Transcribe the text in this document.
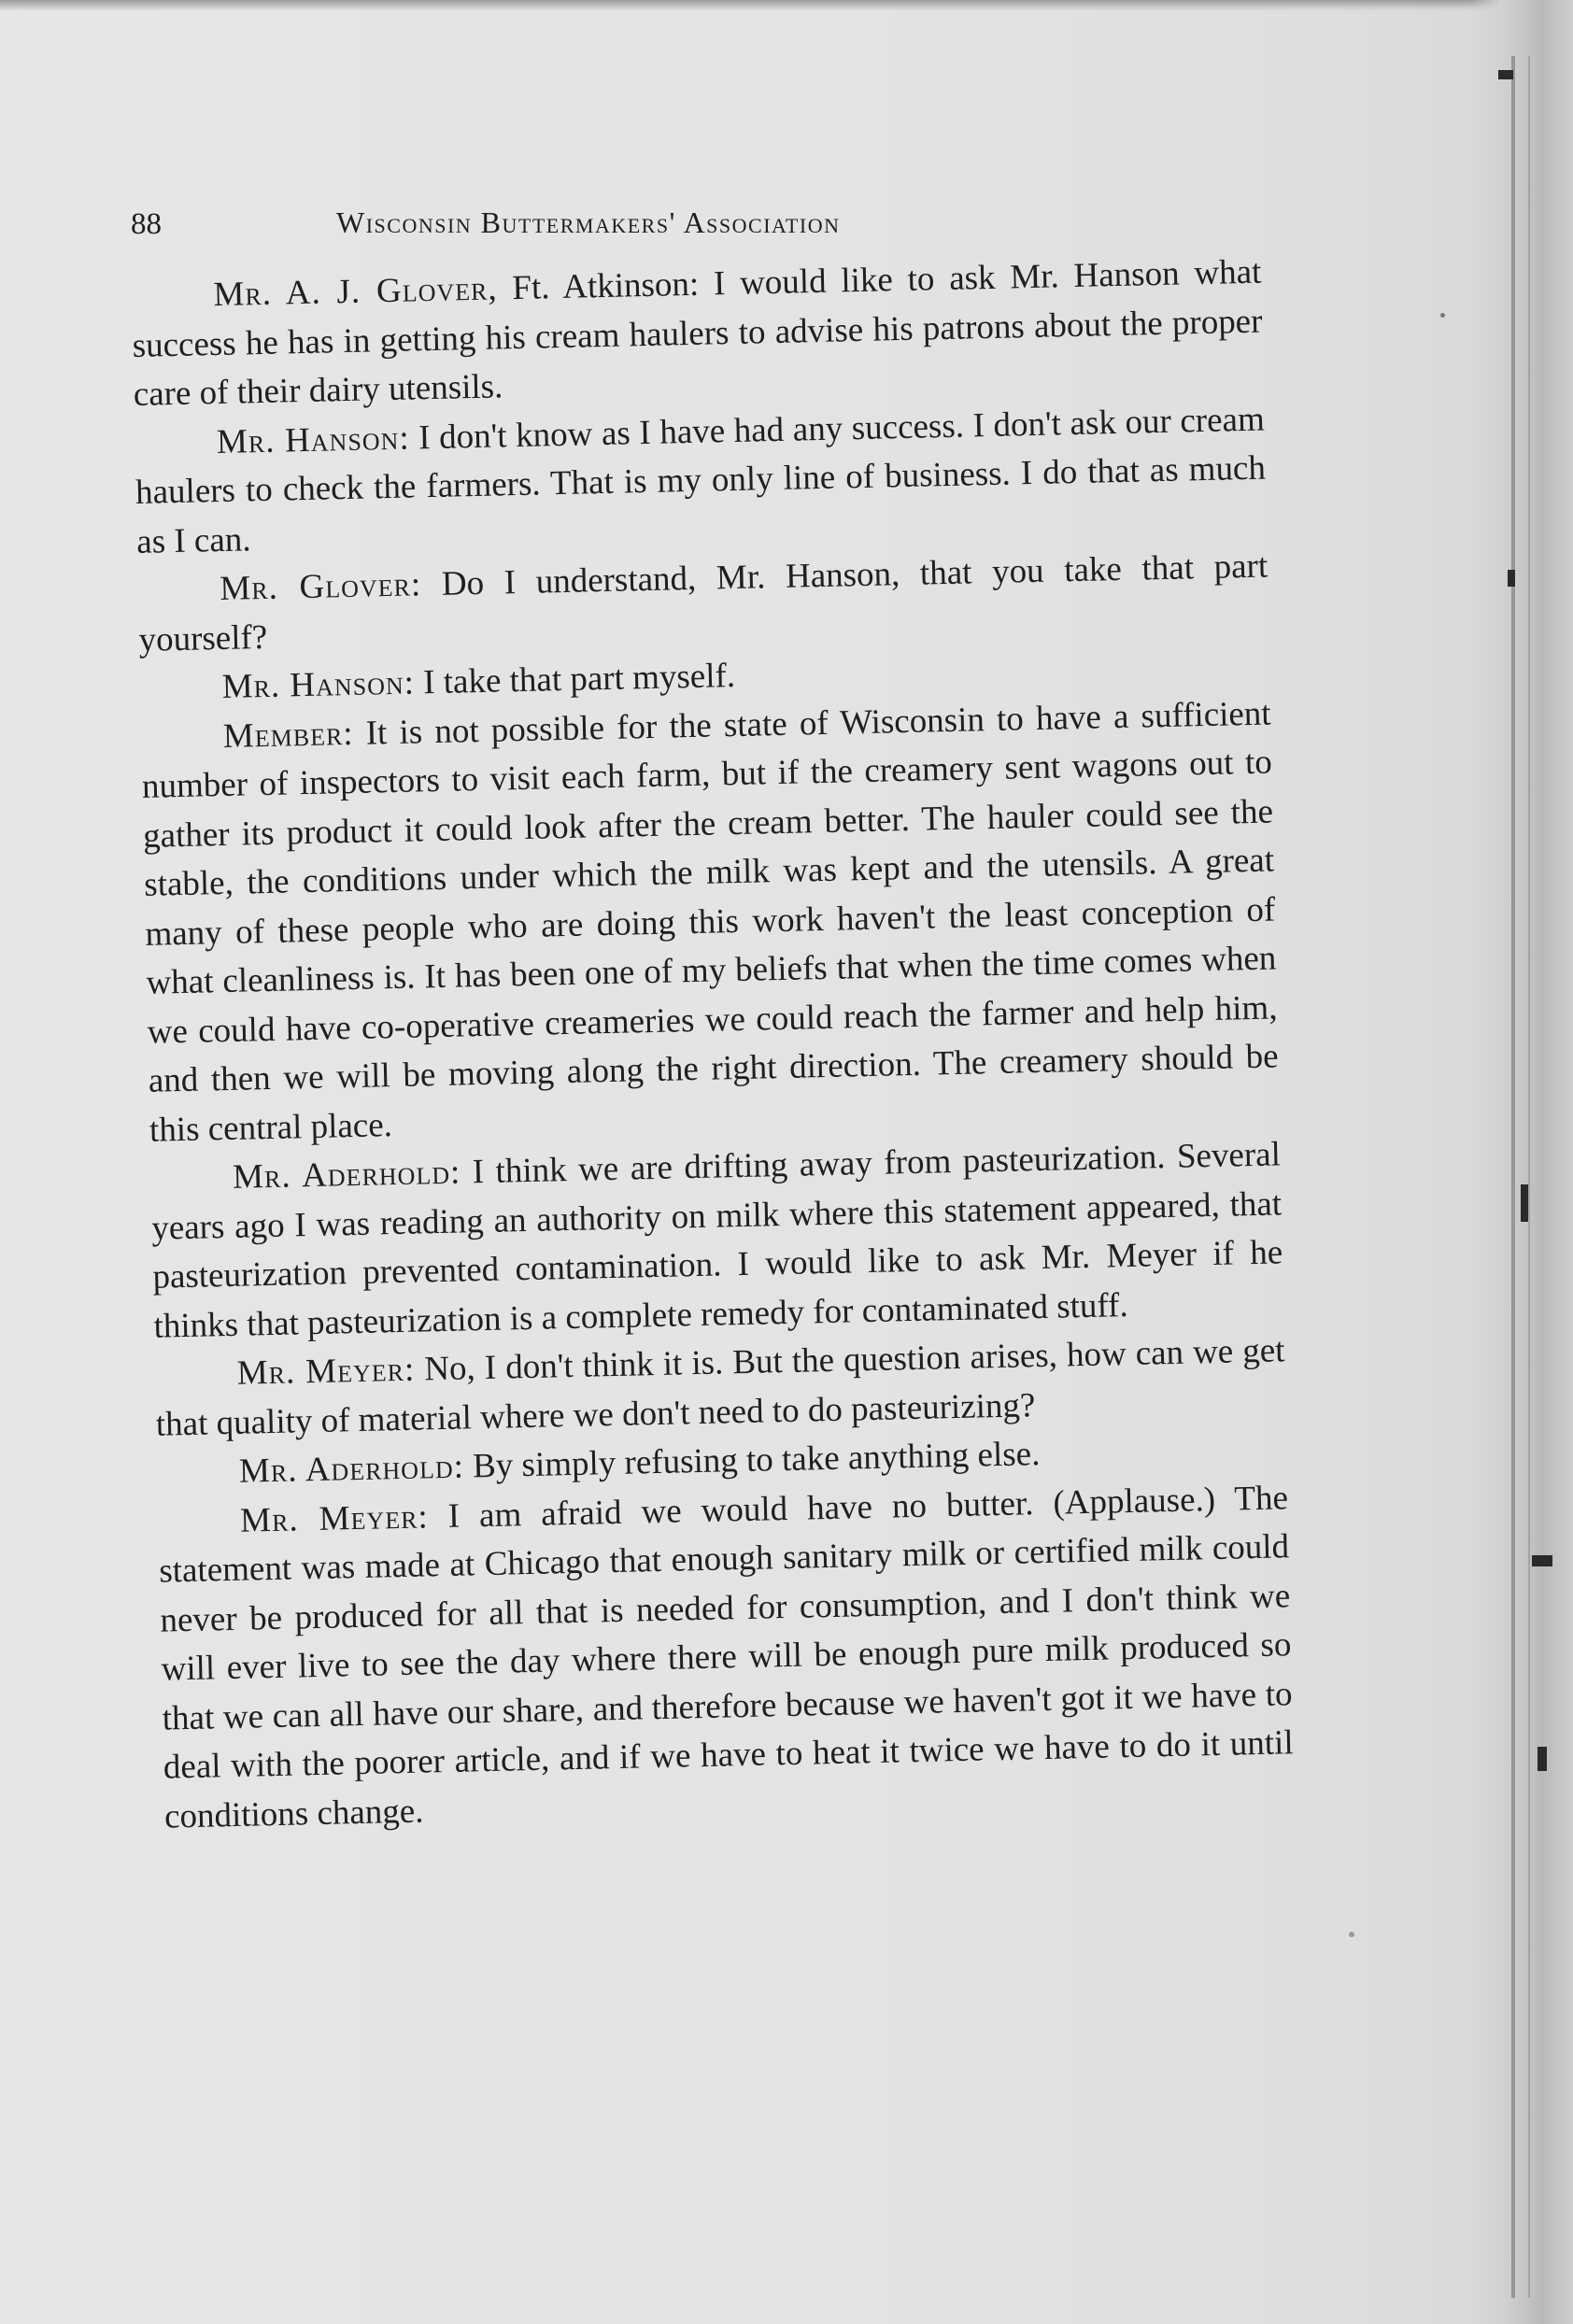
88	Wisconsin Buttermakers' Association

Mr. A. J. Glover, Ft. Atkinson: I would like to ask Mr. Hanson what success he has in getting his cream haulers to advise his patrons about the proper care of their dairy utensils.

Mr. Hanson: I don't know as I have had any success. I don't ask our cream haulers to check the farmers. That is my only line of business. I do that as much as I can.

Mr. Glover: Do I understand, Mr. Hanson, that you take that part yourself?

Mr. Hanson: I take that part myself.

Member: It is not possible for the state of Wisconsin to have a sufficient number of inspectors to visit each farm, but if the creamery sent wagons out to gather its product it could look after the cream better. The hauler could see the stable, the conditions under which the milk was kept and the utensils. A great many of these people who are doing this work haven't the least conception of what cleanliness is. It has been one of my beliefs that when the time comes when we could have co-operative creameries we could reach the farmer and help him, and then we will be moving along the right direction. The creamery should be this central place.

Mr. Aderhold: I think we are drifting away from pasteurization. Several years ago I was reading an authority on milk where this statement appeared, that pasteurization prevented contamination. I would like to ask Mr. Meyer if he thinks that pasteurization is a complete remedy for contaminated stuff.

Mr. Meyer: No, I don't think it is. But the question arises, how can we get that quality of material where we don't need to do pasteurizing?

Mr. Aderhold: By simply refusing to take anything else.

Mr. Meyer: I am afraid we would have no butter. (Applause.) The statement was made at Chicago that enough sanitary milk or certified milk could never be produced for all that is needed for consumption, and I don't think we will ever live to see the day where there will be enough pure milk produced so that we can all have our share, and therefore because we haven't got it we have to deal with the poorer article, and if we have to heat it twice we have to do it until conditions change.
